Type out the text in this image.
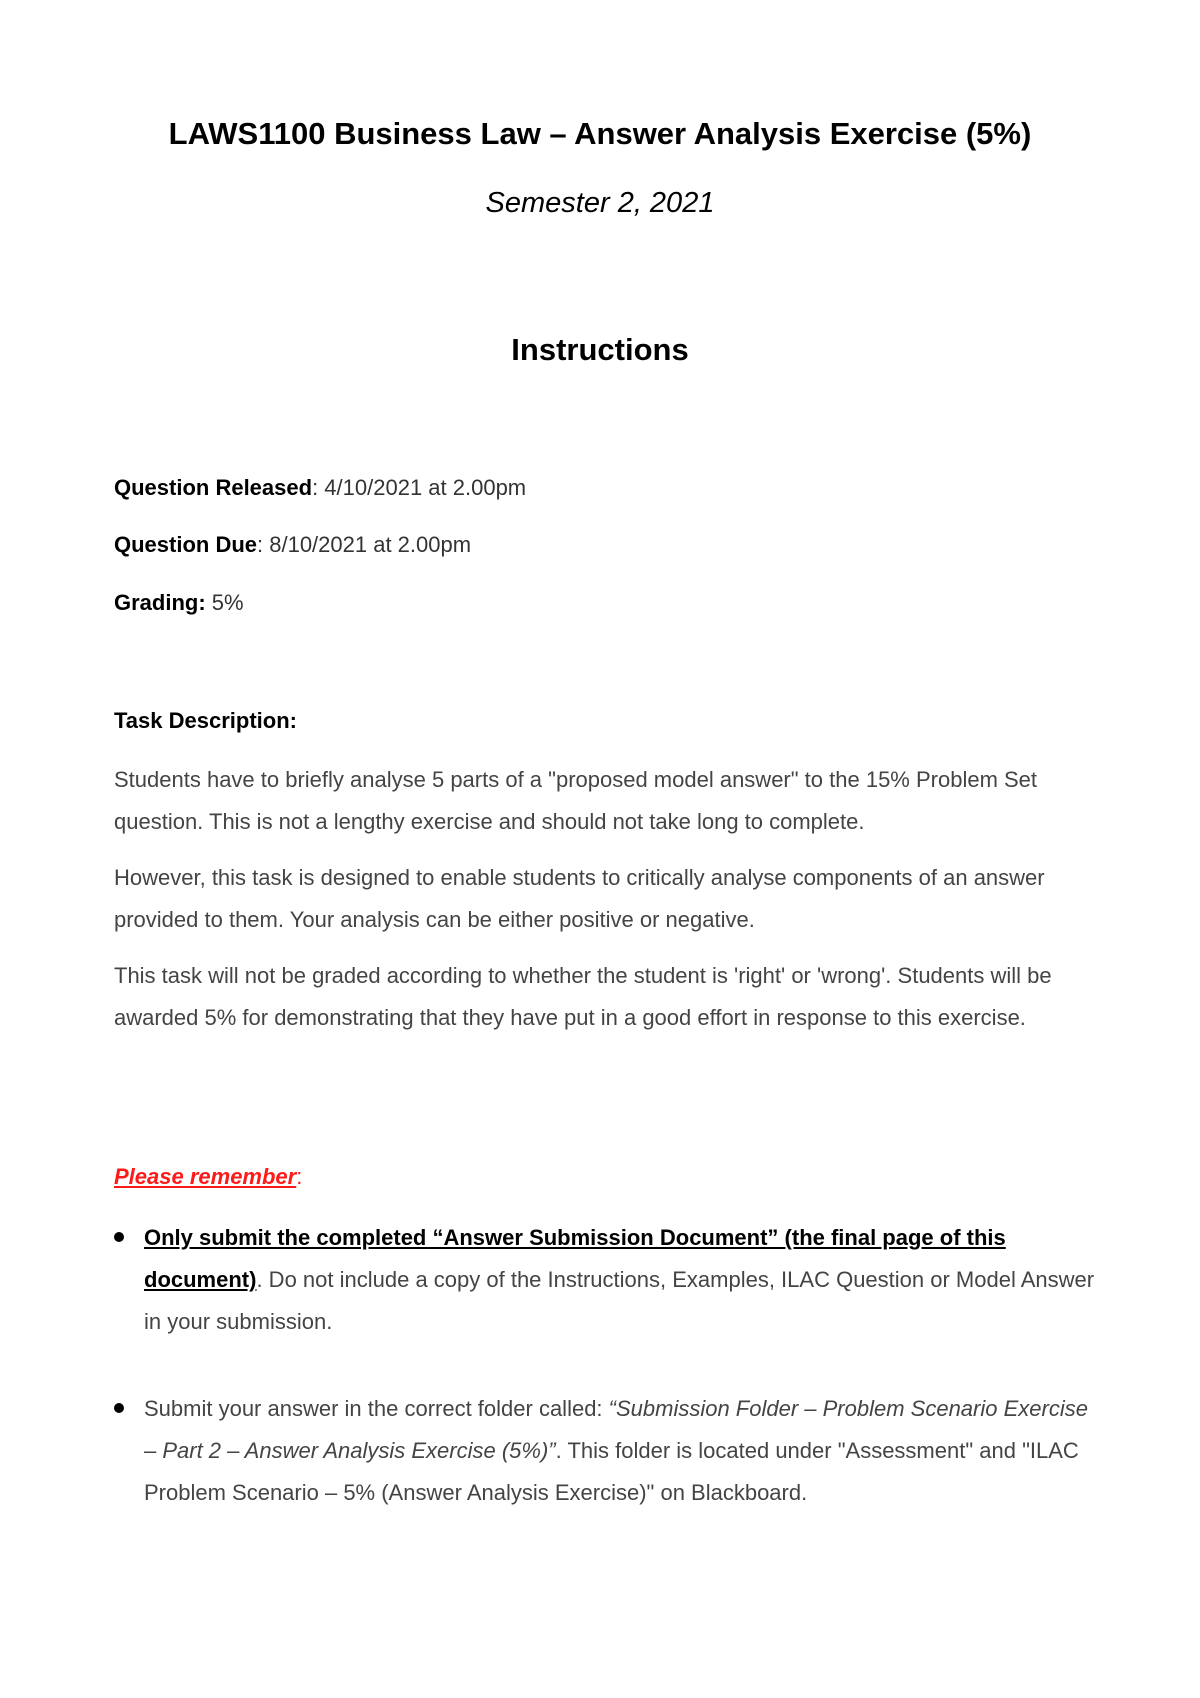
LAWS1100 Business Law – Answer Analysis Exercise (5%)
Semester 2, 2021
Instructions
Question Released: 4/10/2021 at 2.00pm
Question Due: 8/10/2021 at 2.00pm
Grading: 5%
Task Description:

Students have to briefly analyse 5 parts of a "proposed model answer" to the 15% Problem Set question. This is not a lengthy exercise and should not take long to complete.

However, this task is designed to enable students to critically analyse components of an answer provided to them. Your analysis can be either positive or negative.

This task will not be graded according to whether the student is 'right' or 'wrong'. Students will be awarded 5% for demonstrating that they have put in a good effort in response to this exercise.

Please remember:

Only submit the completed “Answer Submission Document” (the final page of this document). Do not include a copy of the Instructions, Examples, ILAC Question or Model Answer in your submission.

Submit your answer in the correct folder called: “Submission Folder – Problem Scenario Exercise – Part 2 – Answer Analysis Exercise (5%)”. This folder is located under "Assessment" and "ILAC Problem Scenario – 5% (Answer Analysis Exercise)" on Blackboard.
